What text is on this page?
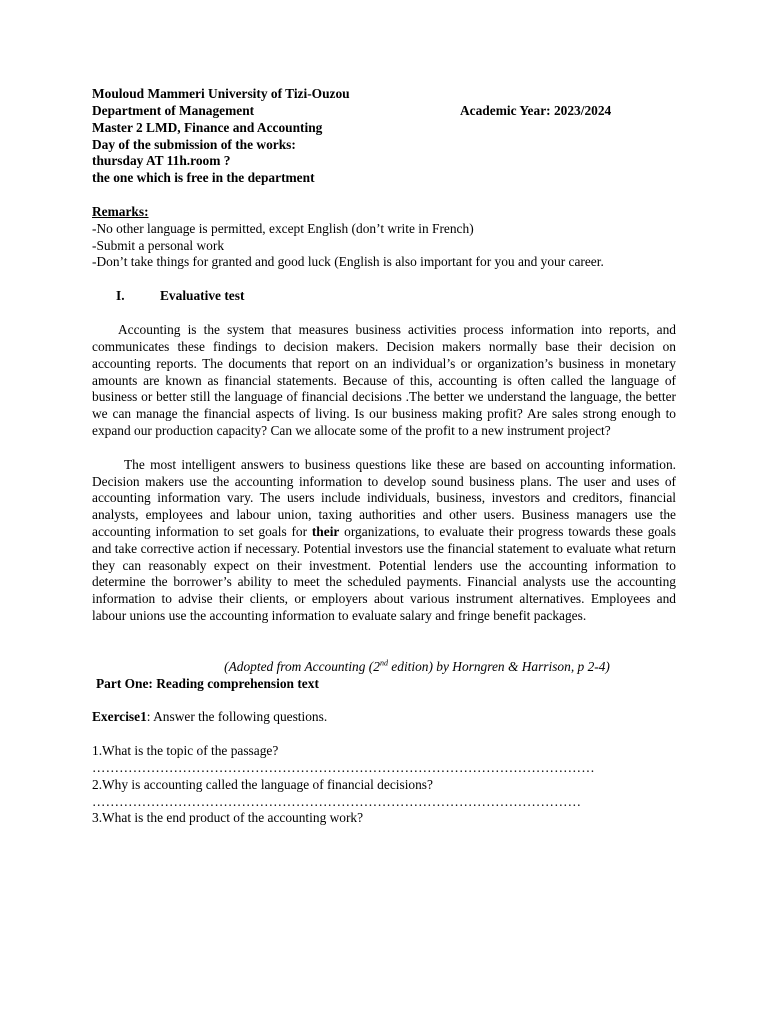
Mouloud Mammeri University of Tizi-Ouzou
Department of Management	Academic Year: 2023/2024
Master 2 LMD, Finance and Accounting
Day of the submission of the works:
thursday AT 11h.room ?
the one which is free in the department
Remarks:
-No other language is permitted, except English (don’t write in French)
-Submit a personal work
-Don’t take things for granted and good luck (English is also important for you and your career.
I.	Evaluative test
Accounting is the system that measures business activities process information into reports, and communicates these findings to decision makers. Decision makers normally base their decision on accounting reports. The documents that report on an individual’s or organization’s business in monetary amounts are known as financial statements. Because of this, accounting is often called the language of business or better still the language of financial decisions .The better we understand the language, the better we can manage the financial aspects of living. Is our business making profit? Are sales strong enough to expand our production capacity? Can we allocate some of the profit to a new instrument project?
The most intelligent answers to business questions like these are based on accounting information. Decision makers use the accounting information to develop sound business plans. The user and uses of accounting information vary. The users include individuals, business, investors and creditors, financial analysts, employees and labour union, taxing authorities and other users. Business managers use the accounting information to set goals for their organizations, to evaluate their progress towards these goals and take corrective action if necessary. Potential investors use the financial statement to evaluate what return they can reasonably expect on their investment. Potential lenders use the accounting information to determine the borrower’s ability to meet the scheduled payments. Financial analysts use the accounting information to advise their clients, or employers about various instrument alternatives. Employees and labour unions use the accounting information to evaluate salary and fringe benefit packages.
(Adopted from Accounting (2nd edition) by Horngren & Harrison, p 2-4)
Part One: Reading comprehension text
Exercise1: Answer the following questions.
1.What is the topic of the passage?
…………………………………………………………………………………………………
2.Why is accounting called the language of financial decisions?
………………………………………………………………………………………………
3.What is the end product of the accounting work?
